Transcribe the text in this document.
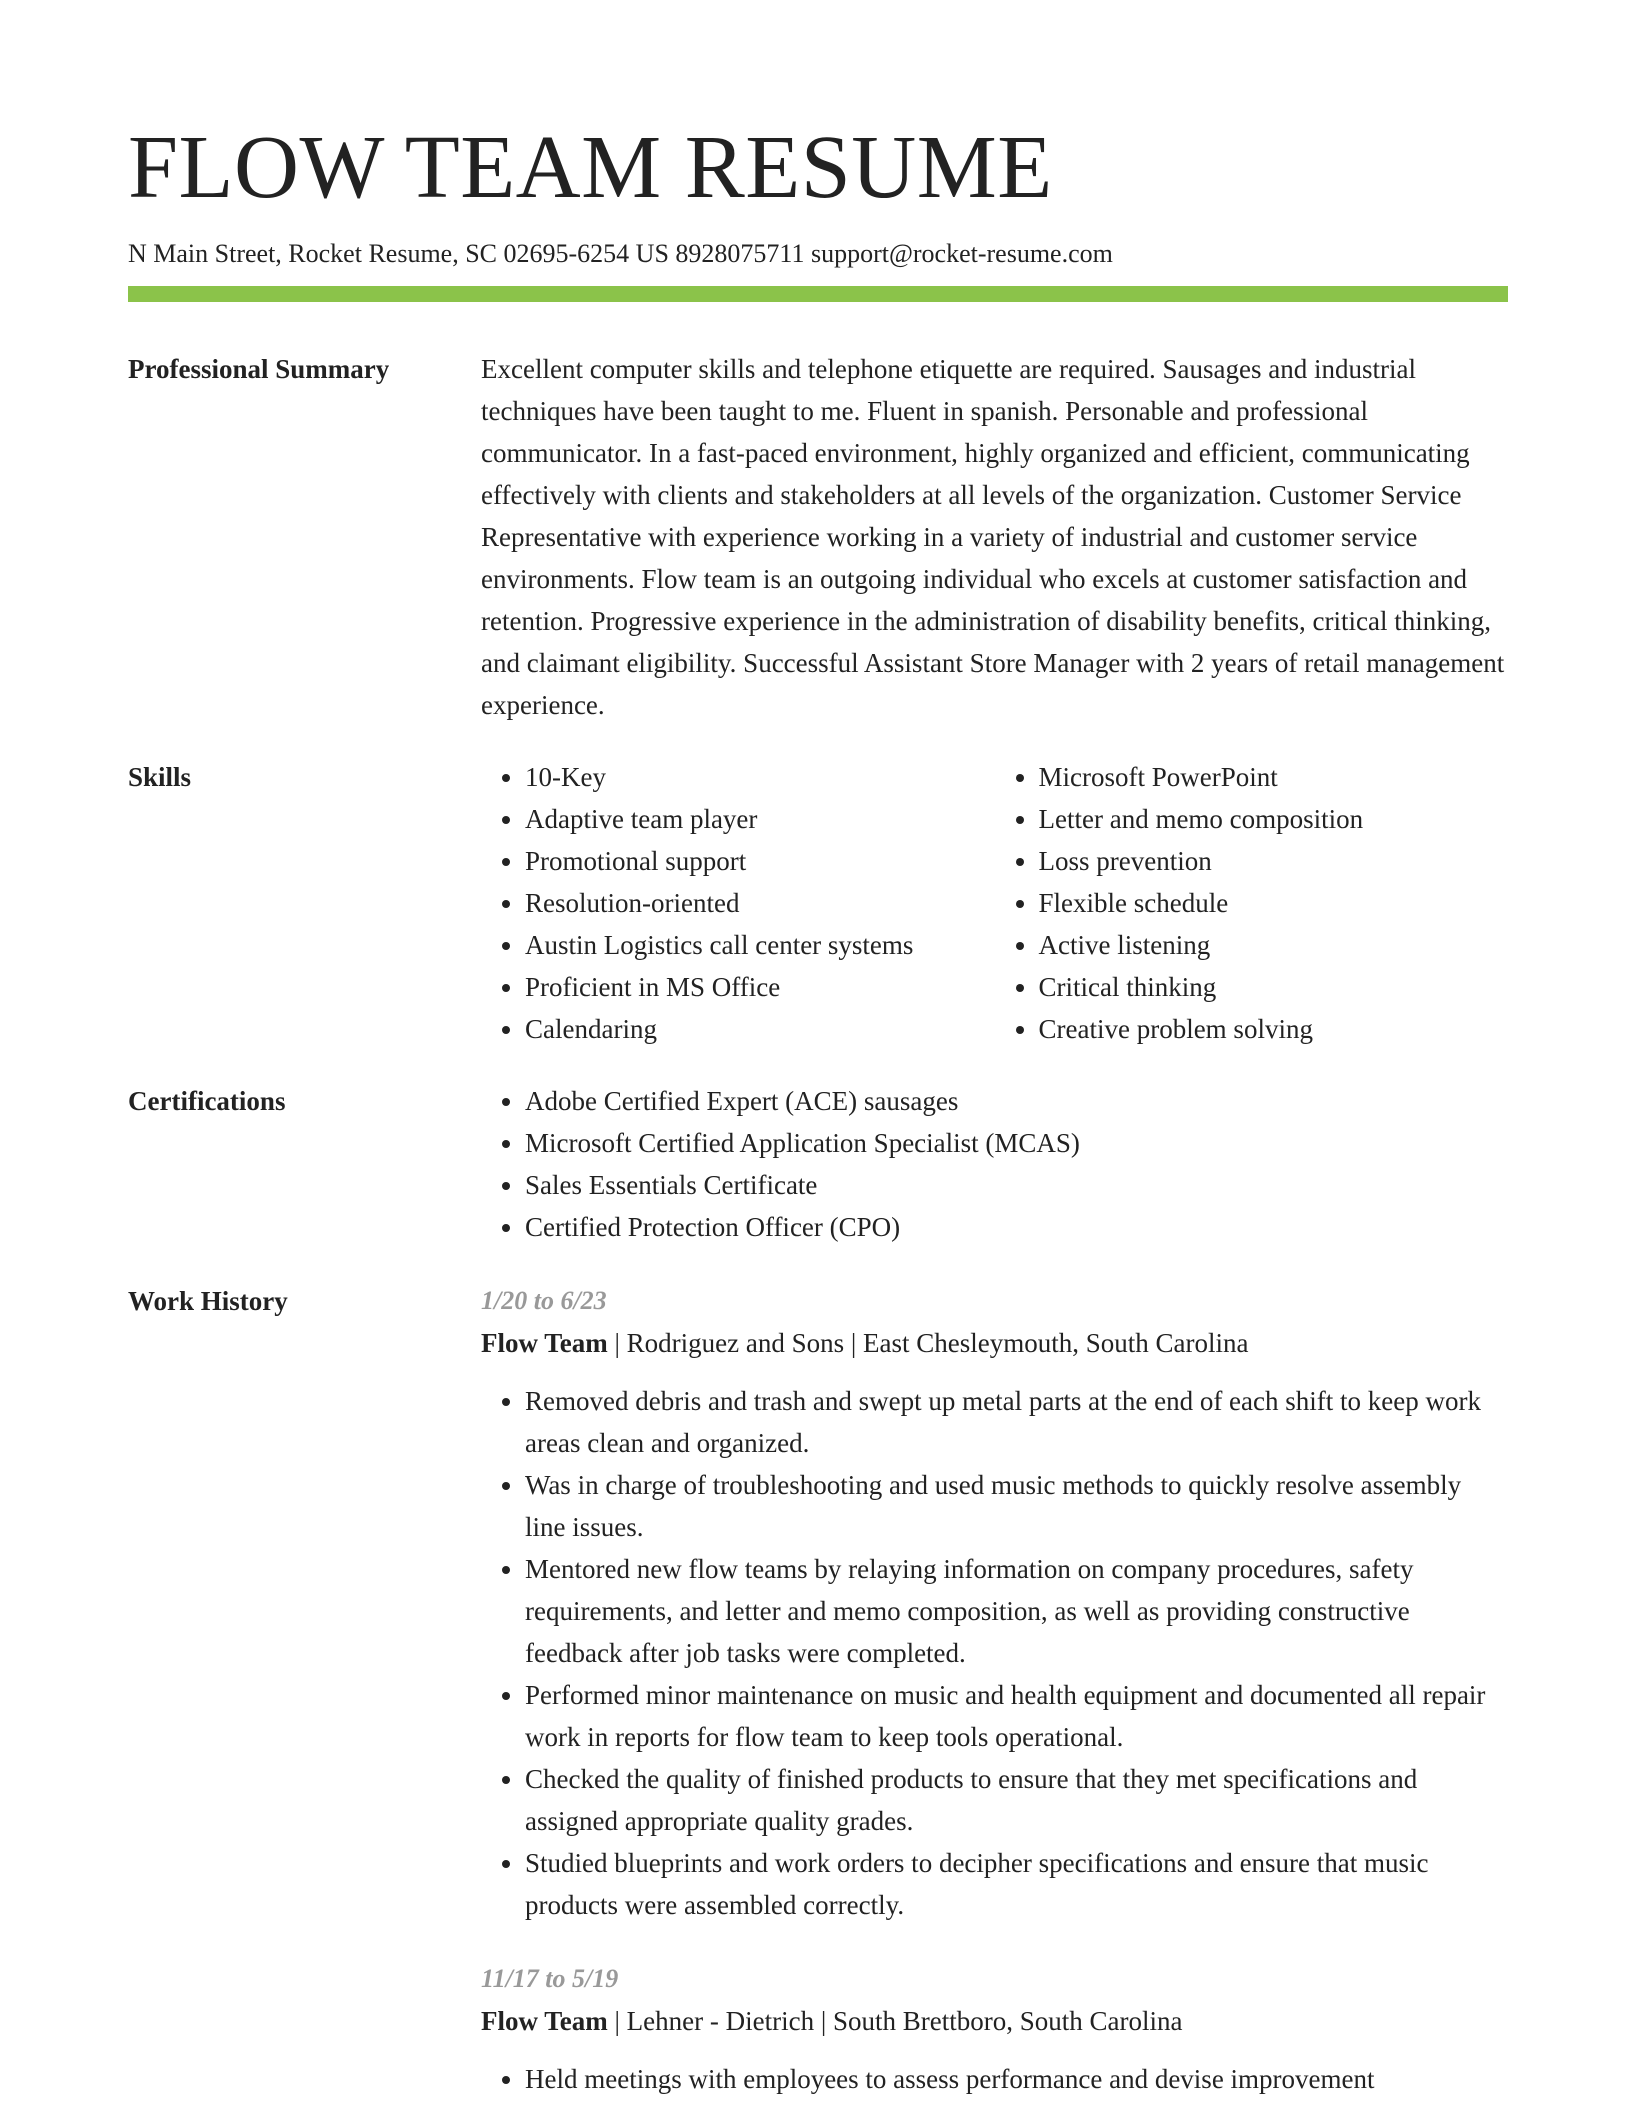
FLOW TEAM RESUME
N Main Street, Rocket Resume, SC 02695-6254 US 8928075711 support@rocket-resume.com
Professional Summary	Excellent computer skills and telephone etiquette are required. Sausages and industrial techniques have been taught to me. Fluent in spanish. Personable and professional communicator. In a fast-paced environment, highly organized and efficient, communicating effectively with clients and stakeholders at all levels of the organization. Customer Service Representative with experience working in a variety of industrial and customer service environments. Flow team is an outgoing individual who excels at customer satisfaction and retention. Progressive experience in the administration of disability benefits, critical thinking, and claimant eligibility. Successful Assistant Store Manager with 2 years of retail management experience.

Skills	• 10-Key
• Adaptive team player
• Promotional support
• Resolution-oriented
• Austin Logistics call center systems
• Proficient in MS Office
• Calendaring
• Microsoft PowerPoint
• Letter and memo composition
• Loss prevention
• Flexible schedule
• Active listening
• Critical thinking
• Creative problem solving
Certifications	• Adobe Certified Expert (ACE) sausages
• Microsoft Certified Application Specialist (MCAS)
• Sales Essentials Certificate
• Certified Protection Officer (CPO)
Work History	1/20 to 6/23
Flow Team | Rodriguez and Sons | East Chesleymouth, South Carolina
• Removed debris and trash and swept up metal parts at the end of each shift to keep work areas clean and organized.
• Was in charge of troubleshooting and used music methods to quickly resolve assembly line issues.
• Mentored new flow teams by relaying information on company procedures, safety requirements, and letter and memo composition, as well as providing constructive feedback after job tasks were completed.
• Performed minor maintenance on music and health equipment and documented all repair work in reports for flow team to keep tools operational.
• Checked the quality of finished products to ensure that they met specifications and assigned appropriate quality grades.
• Studied blueprints and work orders to decipher specifications and ensure that music products were assembled correctly.
11/17 to 5/19
Flow Team | Lehner - Dietrich | South Brettboro, South Carolina
• Held meetings with employees to assess performance and devise improvement
